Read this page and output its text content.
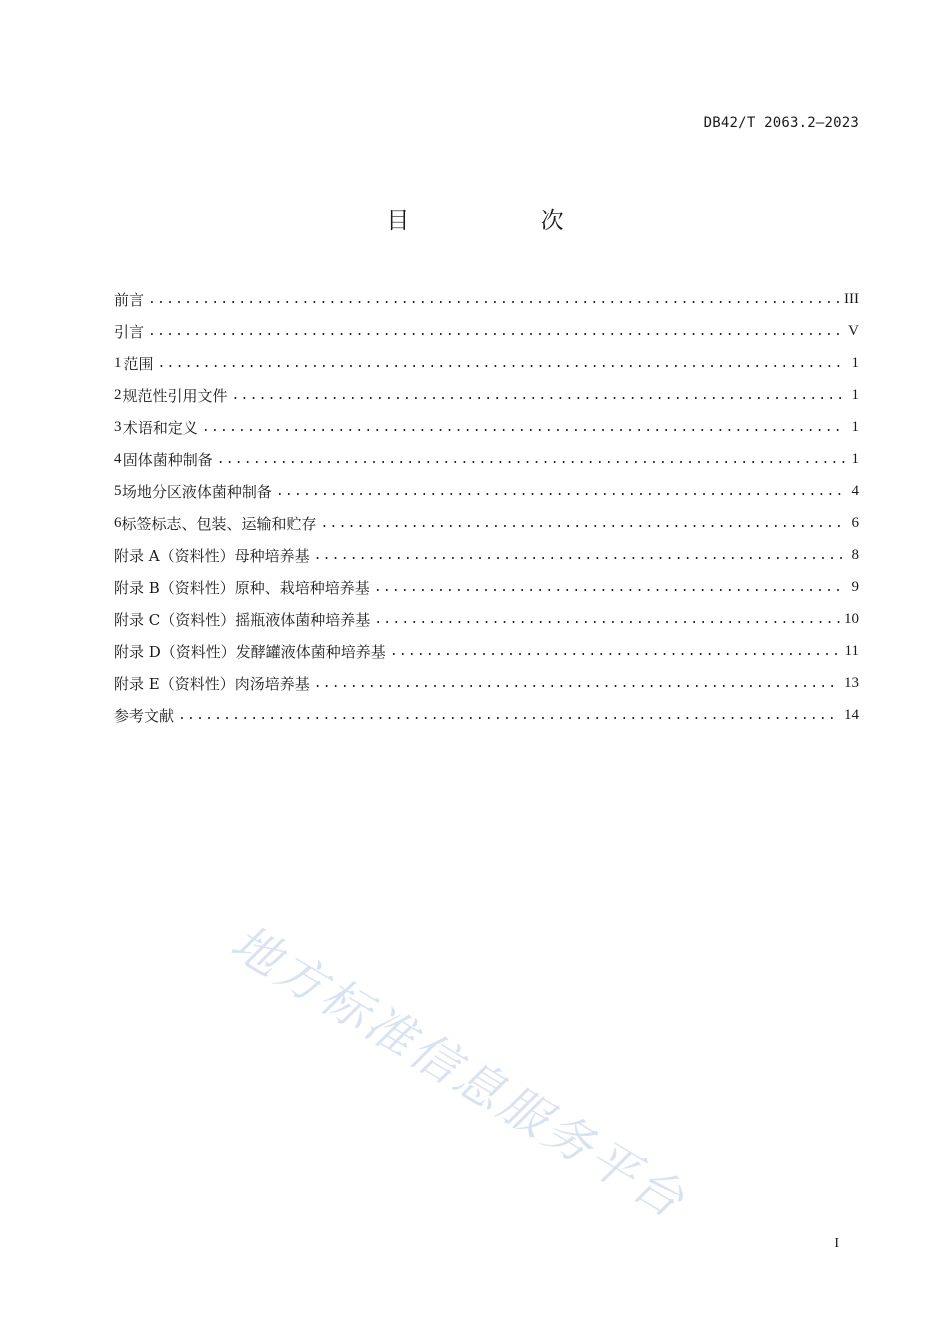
DB42/T 2063.2—2023
目 次
前言 .....	III
引言 .....	V
1 范围 .....	1
2 规范性引用文件 .....	1
3 术语和定义 .....	1
4 固体菌种制备 .....	1
5 场地分区液体菌种制备 .....	4
6 标签标志、包装、运输和贮存 .....	6
附录 A（资料性） 母种培养基 .....	8
附录 B（资料性） 原种、栽培种培养基 .....	9
附录 C（资料性） 摇瓶液体菌种培养基 .....	10
附录 D（资料性） 发酵罐液体菌种培养基 .....	11
附录 E（资料性） 肉汤培养基 .....	13
参考文献 .....	14
地方标准信息服务平台
I
